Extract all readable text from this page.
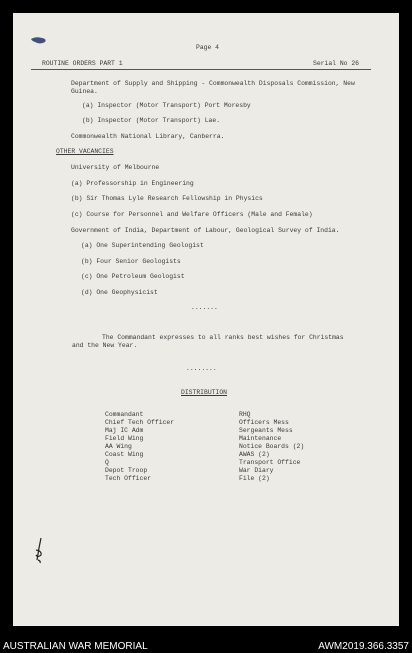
Page 4
ROUTINE ORDERS PART 1	Serial No 26
Department of Supply and Shipping - Commonwealth Disposals Commission, New
Guinea.
(a) Inspector (Motor Transport) Port Moresby
(b) Inspector (Motor Transport) Lae.
Commonwealth National Library, Canberra.
OTHER VACANCIES
University of Melbourne
(a) Professorship in Engineering
(b) Sir Thomas Lyle Research Fellowship in Physics
(c) Course for Personnel and Welfare Officers (Male and Female)
Government of India, Department of Labour, Geological Survey of India.
(a) One Superintending Geologist
(b) Four Senior Geologists
(c) One Petroleum Geologist
(d) One Geophysicist
.......
The Commandant expresses to all ranks best wishes for Christmas
and the New Year.
........
DISTRIBUTION
Commandant
Chief Tech Officer
Maj IC Adm
Field Wing
AA Wing
Coast Wing
Q
Depot Troop
Tech Officer
RHQ
Officers Mess
Sergeants Mess
Maintenance
Notice Boards (2)
AWAS (2)
Transport Office
War Diary
File (2)
AUSTRALIAN WAR MEMORIAL	AWM2019.366.3357
